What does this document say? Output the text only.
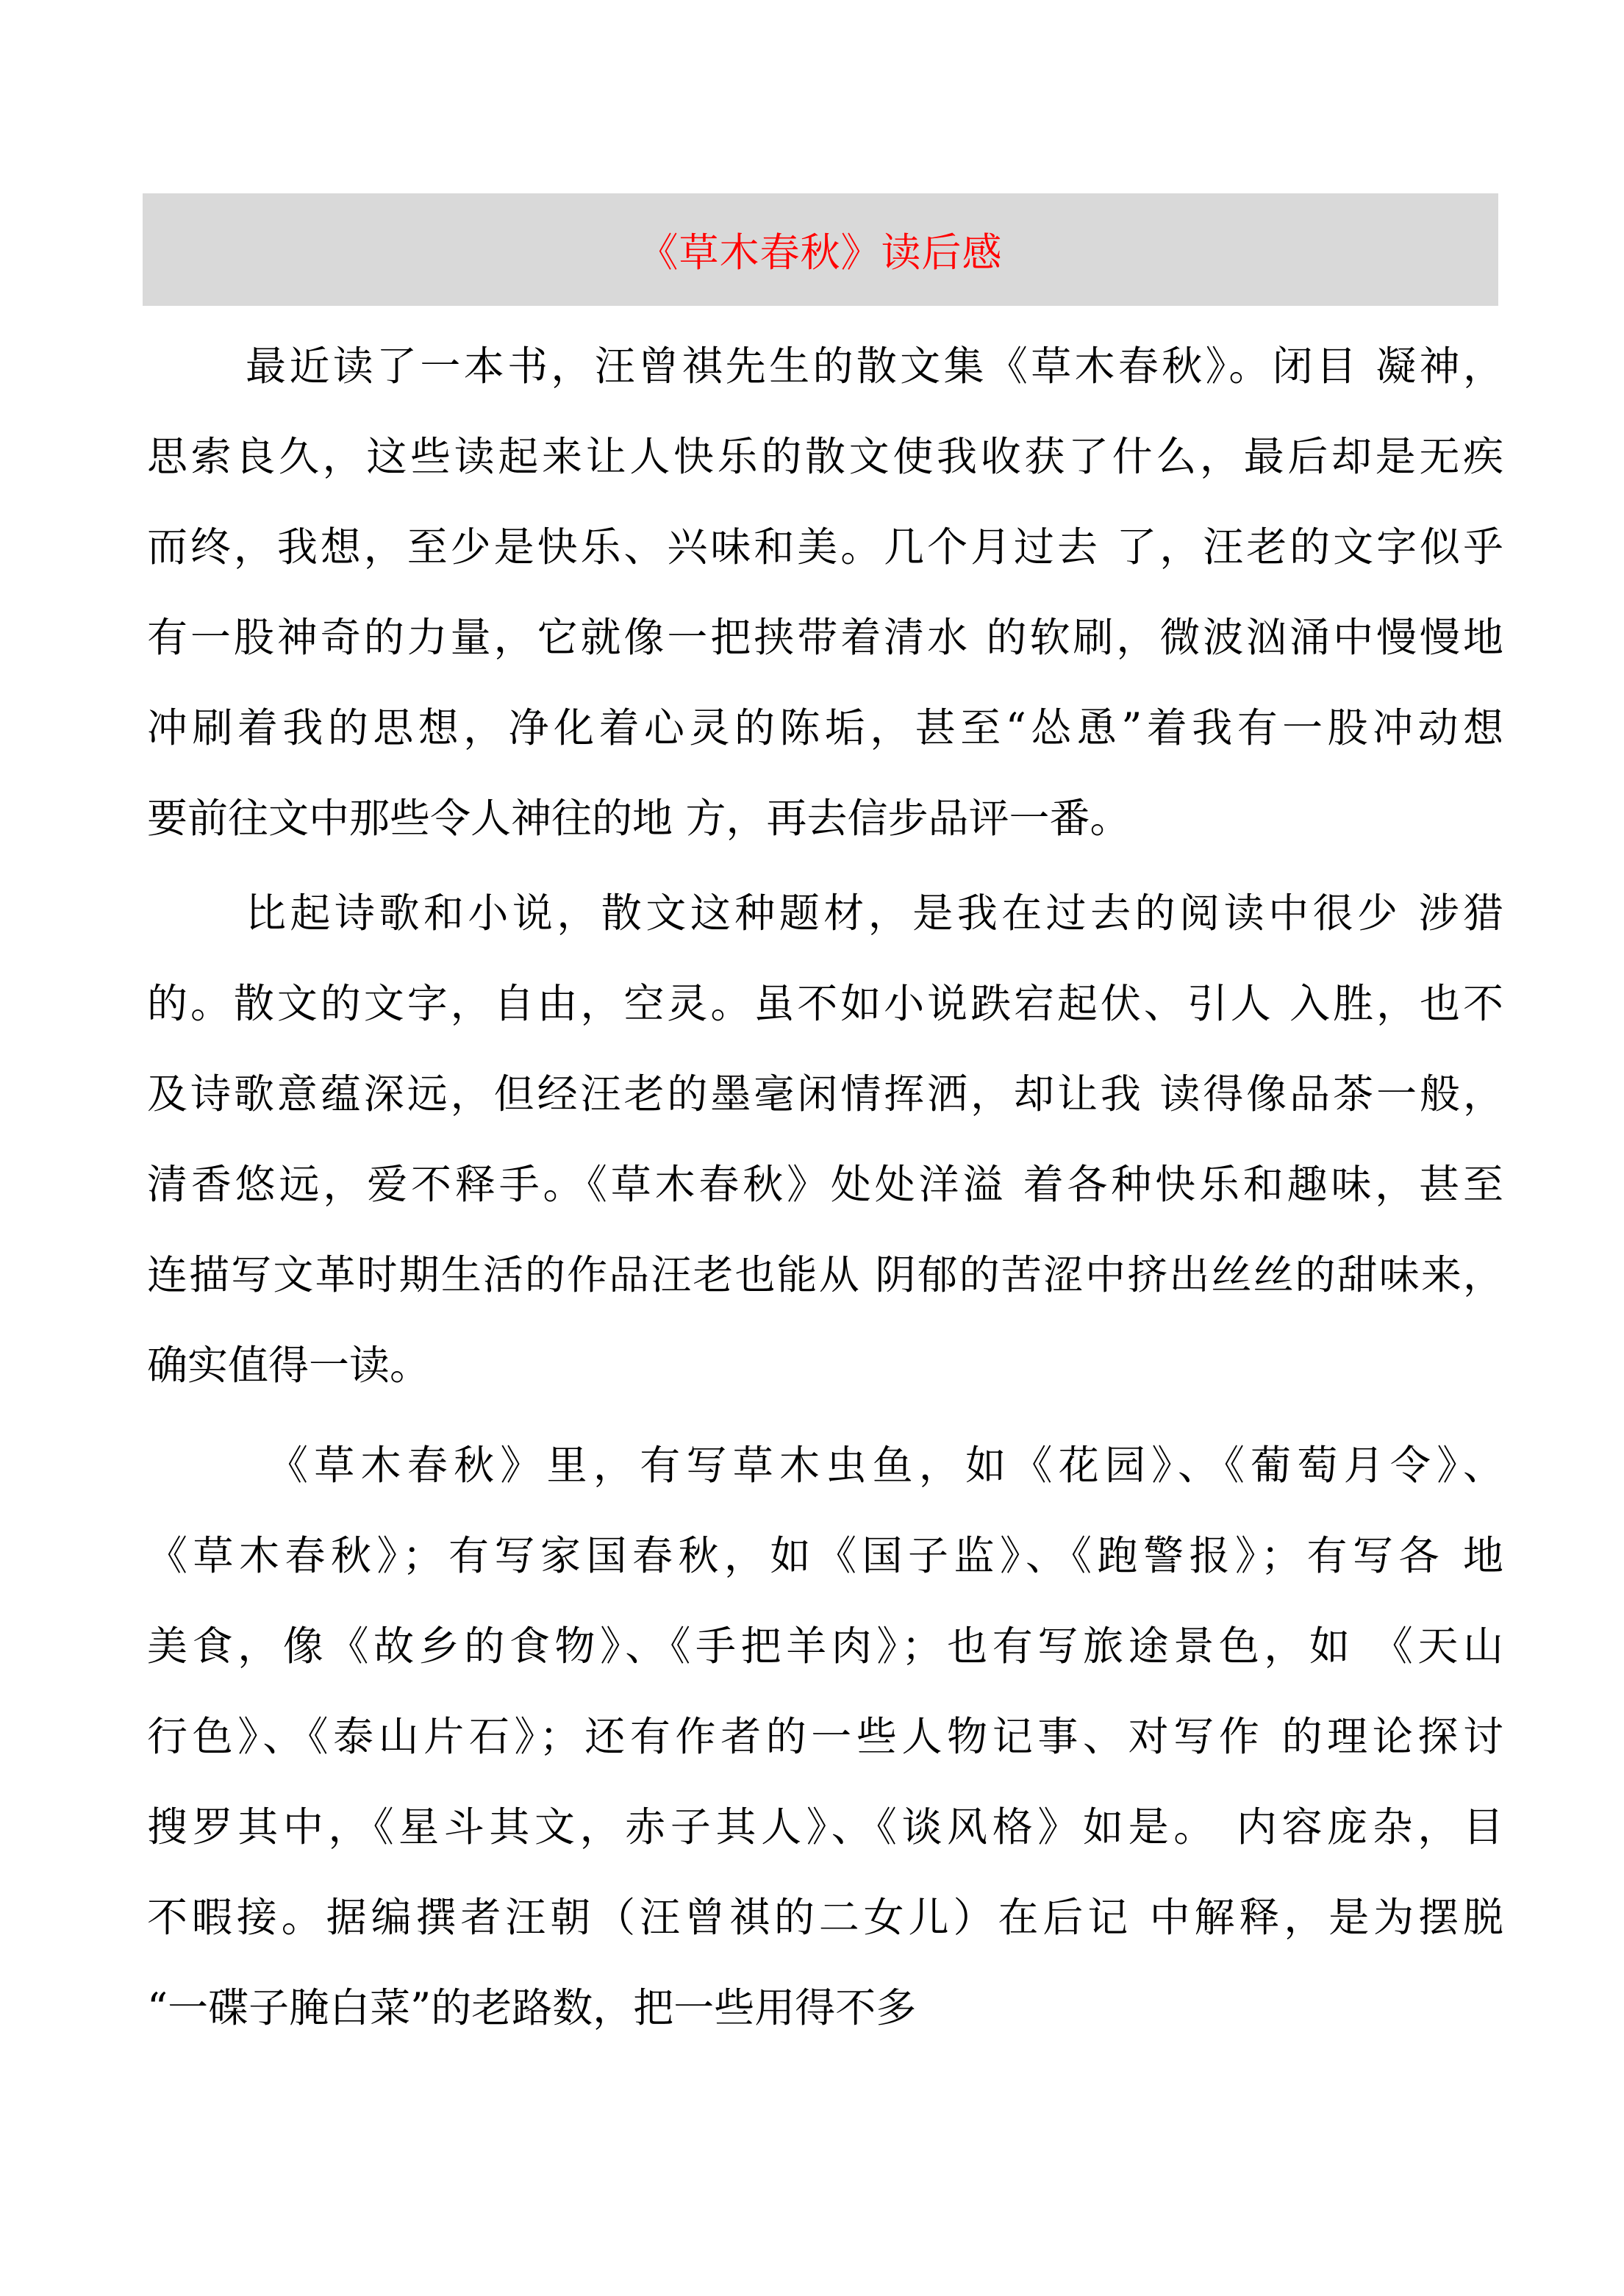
《草木春秋》读后感
最近读了一本书，汪曾祺先生的散文集《草木春秋》。闭目 凝神，
思索良久，这些读起来让人快乐的散文使我收获了什么，最后却是无疾
而终，我想，至少是快乐、兴味和美。几个月过去 了，汪老的文字似乎
有一股神奇的力量，它就像一把挟带着清水 的软刷，微波汹涌中慢慢地
冲刷着我的思想，净化着心灵的陈垢，甚至“怂恿”着我有一股冲动想
要前往文中那些令人神往的地 方，再去信步品评一番。
比起诗歌和小说，散文这种题材，是我在过去的阅读中很少 涉猎
的。散文的文字，自由，空灵。虽不如小说跌宕起伏、引人 入胜，也不
及诗歌意蕴深远，但经汪老的墨毫闲情挥洒，却让我 读得像品茶一般，
清香悠远，爱不释手。《草木春秋》处处洋溢 着各种快乐和趣味，甚至
连描写文革时期生活的作品汪老也能从 阴郁的苦涩中挤出丝丝的甜味来，
确实值得一读。
《草木春秋》里，有写草木虫鱼，如《花园》、《葡萄月令》、
《草木春秋》；有写家国春秋，如《国子监》、《跑警报》；有写各 地
美食，像《故乡的食物》、《手把羊肉》；也有写旅途景色，如 《天山
行色》、《泰山片石》；还有作者的一些人物记事、对写作 的理论探讨
搜罗其中，《星斗其文，赤子其人》、《谈风格》如是。 内容庞杂，目
不暇接。据编撰者汪朝（汪曾祺的二女儿）在后记 中解释，是为摆脱
“一碟子腌白菜”的老路数，把一些用得不多
